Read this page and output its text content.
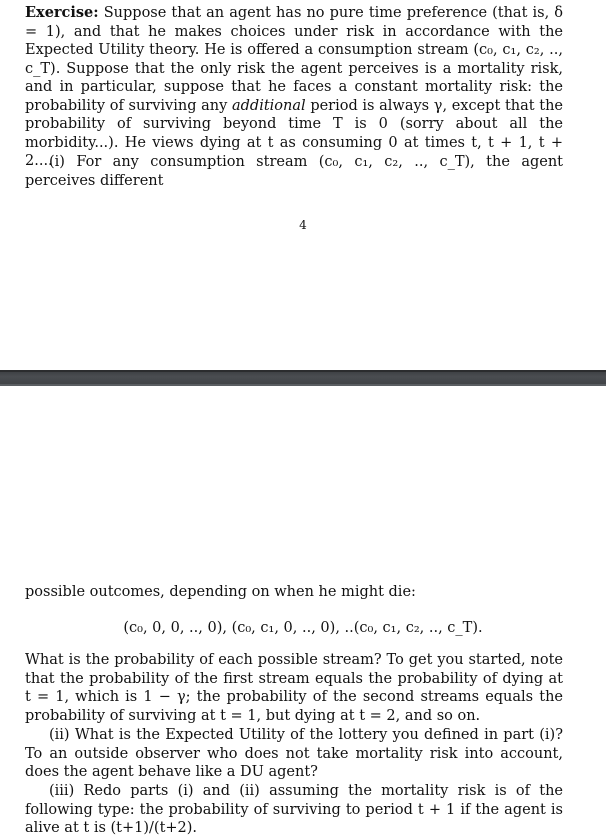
Exercise: Suppose that an agent has no pure time preference (that is, δ = 1), and that he makes choices under risk in accordance with the Expected Utility theory. He is offered a consumption stream (c₀, c₁, c₂, .., c_T). Suppose that the only risk the agent perceives is a mortality risk, and in particular, suppose that he faces a constant mortality risk: the probability of surviving any additional period is always γ, except that the probability of surviving beyond time T is 0 (sorry about all the morbidity...). He views dying at t as consuming 0 at times t, t + 1, t + 2....
(i) For any consumption stream (c₀, c₁, c₂, .., c_T), the agent perceives different
4
possible outcomes, depending on when he might die:
(c₀, 0, 0, .., 0), (c₀, c₁, 0, .., 0), ..(c₀, c₁, c₂, .., c_T).
What is the probability of each possible stream? To get you started, note that the probability of the first stream equals the probability of dying at t = 1, which is 1 − γ; the probability of the second streams equals the probability of surviving at t = 1, but dying at t = 2, and so on.
(ii) What is the Expected Utility of the lottery you defined in part (i)? To an outside observer who does not take mortality risk into account, does the agent behave like a DU agent?
(iii) Redo parts (i) and (ii) assuming the mortality risk is of the following type: the probability of surviving to period t + 1 if the agent is alive at t is (t+1)/(t+2).
